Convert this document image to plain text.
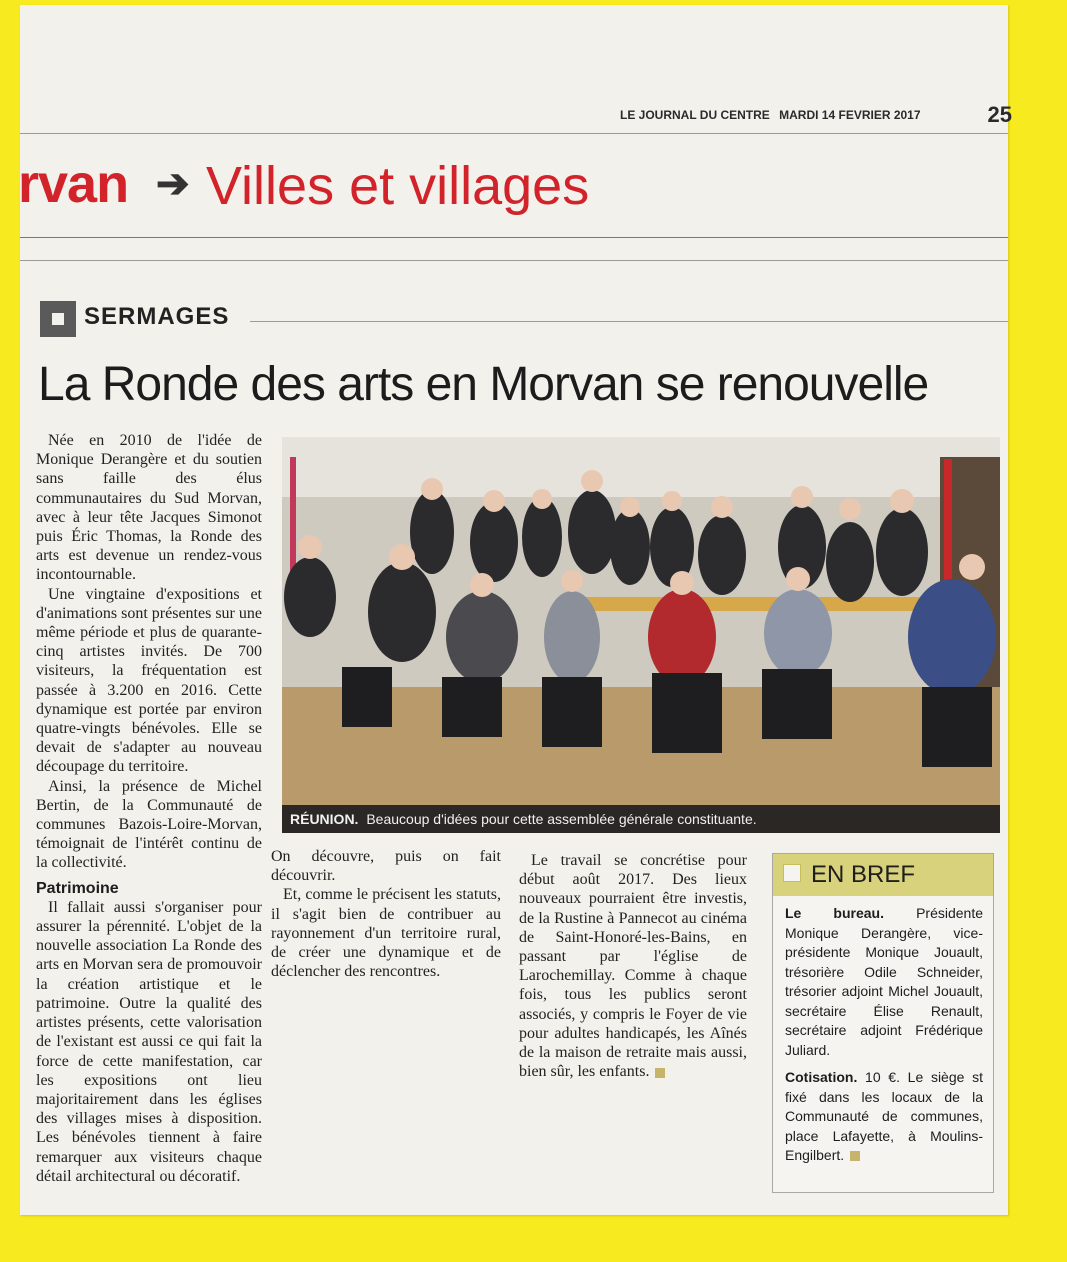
LE JOURNAL DU CENTRE MARDI 14 FEVRIER 2017	25
rvan ➔ Villes et villages
SERMAGES
La Ronde des arts en Morvan se renouvelle
RÉUNION. Beaucoup d'idées pour cette assemblée générale constituante.

Née en 2010 de l'idée de Monique Derangère et du soutien sans faille des élus communautaires du Sud Morvan, avec à leur tête Jacques Simonot puis Éric Thomas, la Ronde des arts est devenue un rendez-vous incontournable.

Une vingtaine d'expositions et d'animations sont présentes sur une même période et plus de quarante-cinq artistes invités. De 700 visiteurs, la fréquentation est passée à 3.200 en 2016. Cette dynamique est portée par environ quatre-vingts bénévoles. Elle se devait de s'adapter au nouveau découpage du territoire.

Ainsi, la présence de Michel Bertin, de la Communauté de communes Bazois-Loire-Morvan, témoignait de l'intérêt continu de la collectivité.

Patrimoine

Il fallait aussi s'organiser pour assurer la pérennité. L'objet de la nouvelle association La Ronde des arts en Morvan sera de promouvoir la création artistique et le patrimoine. Outre la qualité des artistes présents, cette valorisation de l'existant est aussi ce qui fait la force de cette manifestation, car les expositions ont lieu majoritairement dans les églises des villages mises à disposition. Les bénévoles tiennent à faire remarquer aux visiteurs chaque détail architectural ou décoratif.

On découvre, puis on fait découvrir.

Et, comme le précisent les statuts, il s'agit bien de contribuer au rayonnement d'un territoire rural, de créer une dynamique et de déclencher des rencontres.

Le travail se concrétise pour début août 2017. Des lieux nouveaux pourraient être investis, de la Rustine à Pannecot au cinéma de Saint-Honoré-les-Bains, en passant par l'église de Larochemillay. Comme à chaque fois, tous les publics seront associés, y compris le Foyer de vie pour adultes handicapés, les Aînés de la maison de retraite mais aussi, bien sûr, les enfants.

EN BREF

Le bureau. Présidente Monique Derangère, vice-présidente Monique Jouault, trésorière Odile Schneider, trésorier adjoint Michel Jouault, secrétaire Élise Renault, secrétaire adjoint Frédérique Juliard.

Cotisation. 10 €. Le siège st fixé dans les locaux de la Communauté de communes, place Lafayette, à Moulins-Engilbert.
